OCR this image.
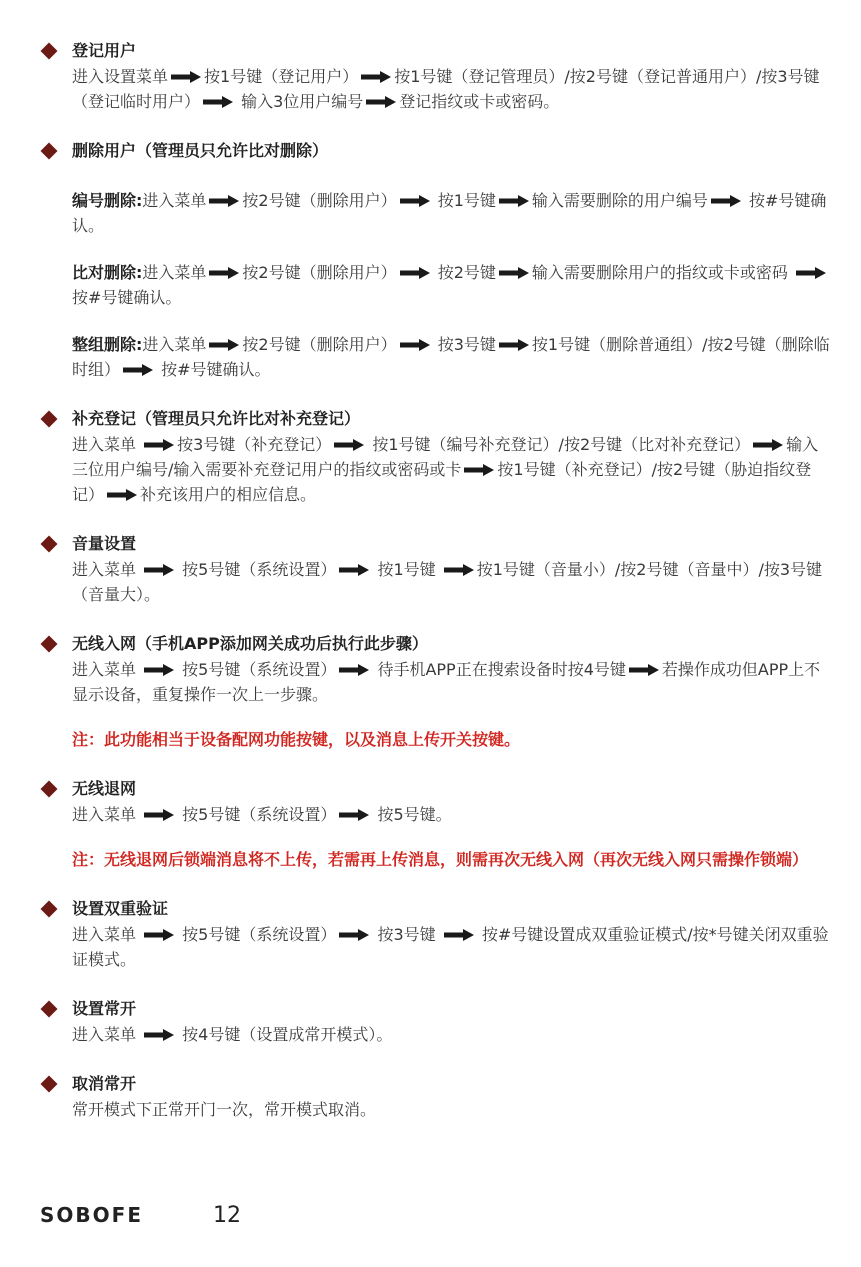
登记用户
进入设置菜单 按1号键（登记用户） 按1号键（登记管理员）/按2号键（登记普通用户）/按3号键（登记临时用户）
输入3位用户编号 登记指纹或卡或密码。
删除用户（管理员只允许比对删除）
编号删除:进入菜单 按2号键（删除用户）
按1号键 输入需要删除的用户编号
按#号键确认。
比对删除:进入菜单 按2号键（删除用户）
按2号键 输入需要删除用户的指纹或卡或密码
按#号键确认。
整组删除:进入菜单 按2号键（删除用户）
按3号键 按1号键（删除普通组）/按2号键（删除临时组）
按#号键确认。
补充登记（管理员只允许比对补充登记）
进入菜单
按3号键（补充登记）
按1号键（编号补充登记）/按2号键（比对补充登记） 输入三位用户编号/输入需要补充登记用户的指纹或密码或卡 按1号键（补充登记）/按2号键（胁迫指纹登记） 补充该用户的相应信息。
音量设置
进入菜单
按5号键（系统设置）
按1号键
按1号键（音量小）/按2号键（音量中）/按3号键（音量大）。
无线入网（手机APP添加网关成功后执行此步骤）
进入菜单
按5号键（系统设置）
待手机APP正在搜索设备时按4号键 若操作成功但APP上不显示设备，重复操作一次上一步骤。
注：此功能相当于设备配网功能按键，以及消息上传开关按键。
无线退网
进入菜单
按5号键（系统设置）
按5号键。
注：无线退网后锁端消息将不上传，若需再上传消息，则需再次无线入网（再次无线入网只需操作锁端）
设置双重验证
进入菜单
按5号键（系统设置）
按3号键
按#号键设置成双重验证模式/按*号键关闭双重验证模式。
设置常开
进入菜单
按4号键（设置成常开模式）。
取消常开
常开模式下正常开门一次，常开模式取消。
SOBOFE	12
